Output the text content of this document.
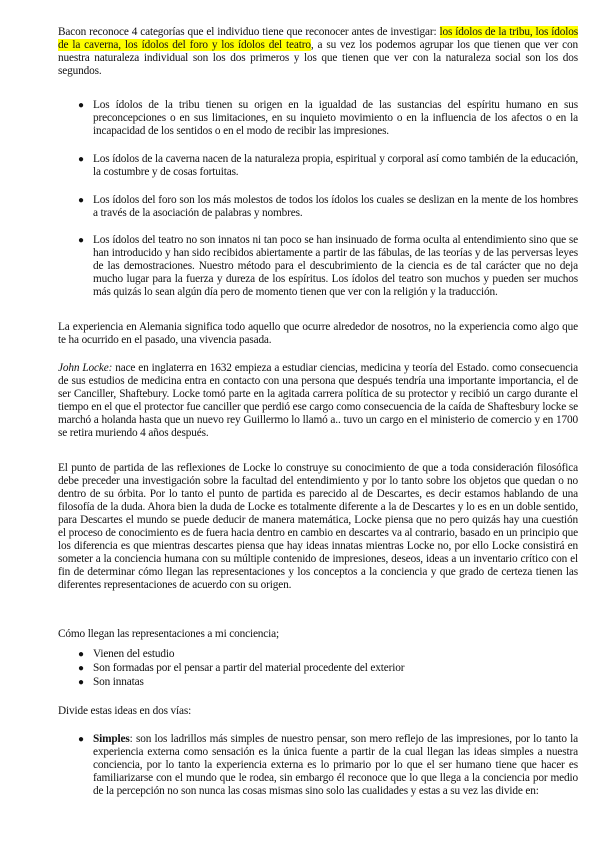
Bacon reconoce 4 categorías que el individuo tiene que reconocer antes de investigar: los ídolos de la tribu, los ídolos de la caverna, los ídolos del foro y los ídolos del teatro, a su vez los podemos agrupar los que tienen que ver con nuestra naturaleza individual son los dos primeros y los que tienen que ver con la naturaleza social son los dos segundos.

● Los ídolos de la tribu tienen su origen en la igualdad de las sustancias del espíritu humano en sus preconcepciones o en sus limitaciones, en su inquieto movimiento o en la influencia de los afectos o en la incapacidad de los sentidos o en el modo de recibir las impresiones.
● Los ídolos de la caverna nacen de la naturaleza propia, espiritual y corporal así como también de la educación, la costumbre y de cosas fortuitas.
● Los ídolos del foro son los más molestos de todos los ídolos los cuales se deslizan en la mente de los hombres a través de la asociación de palabras y nombres.
● Los ídolos del teatro no son innatos ni tan poco se han insinuado de forma oculta al entendimiento sino que se han introducido y han sido recibidos abiertamente a partir de las fábulas, de las teorías y de las perversas leyes de las demostraciones. Nuestro método para el descubrimiento de la ciencia es de tal carácter que no deja mucho lugar para la fuerza y dureza de los espíritus. Los ídolos del teatro son muchos y pueden ser muchos más quizás lo sean algún día pero de momento tienen que ver con la religión y la traducción.

La experiencia en Alemania significa todo aquello que ocurre alrededor de nosotros, no la experiencia como algo que te ha ocurrido en el pasado, una vivencia pasada.

John Locke: nace en inglaterra en 1632 empieza a estudiar ciencias, medicina y teoría del Estado. como consecuencia de sus estudios de medicina entra en contacto con una persona que después tendría una importante importancia, el de ser Canciller, Shaftebury. Locke tomó parte en la agitada carrera política de su protector y recibió un cargo durante el tiempo en el que el protector fue canciller que perdió ese cargo como consecuencia de la caída de Shaftesbury locke se marchó a holanda hasta que un nuevo rey Guillermo lo llamó a.. tuvo un cargo en el ministerio de comercio y en 1700 se retira muriendo 4 años después.

El punto de partida de las reflexiones de Locke lo construye su conocimiento de que a toda consideración filosófica debe preceder una investigación sobre la facultad del entendimiento y por lo tanto sobre los objetos que quedan o no dentro de su órbita. Por lo tanto el punto de partida es parecido al de Descartes, es decir estamos hablando de una filosofía de la duda. Ahora bien la duda de Locke es totalmente diferente a la de Descartes y lo es en un doble sentido, para Descartes el mundo se puede deducir de manera matemática, Locke piensa que no pero quizás hay una cuestión el proceso de conocimiento es de fuera hacia dentro en cambio en descartes va al contrario, basado en un principio que los diferencia es que mientras descartes piensa que hay ideas innatas mientras Locke no, por ello Locke consistirá en someter a la conciencia humana con su múltiple contenido de impresiones, deseos, ideas a un inventario crítico con el fin de determinar cómo llegan las representaciones y los conceptos a la conciencia y que grado de certeza tienen las diferentes representaciones de acuerdo con su origen.

Cómo llegan las representaciones a mi conciencia;

● Vienen del estudio
● Son formadas por el pensar a partir del material procedente del exterior
● Son innatas

Divide estas ideas en dos vías:

● Simples: son los ladrillos más simples de nuestro pensar, son mero reflejo de las impresiones, por lo tanto la experiencia externa como sensación es la única fuente a partir de la cual llegan las ideas simples a nuestra conciencia, por lo tanto la experiencia externa es lo primario por lo que el ser humano tiene que hacer es familiarizarse con el mundo que le rodea, sin embargo él reconoce que lo que llega a la conciencia por medio de la percepción no son nunca las cosas mismas sino solo las cualidades y estas a su vez las divide en:
